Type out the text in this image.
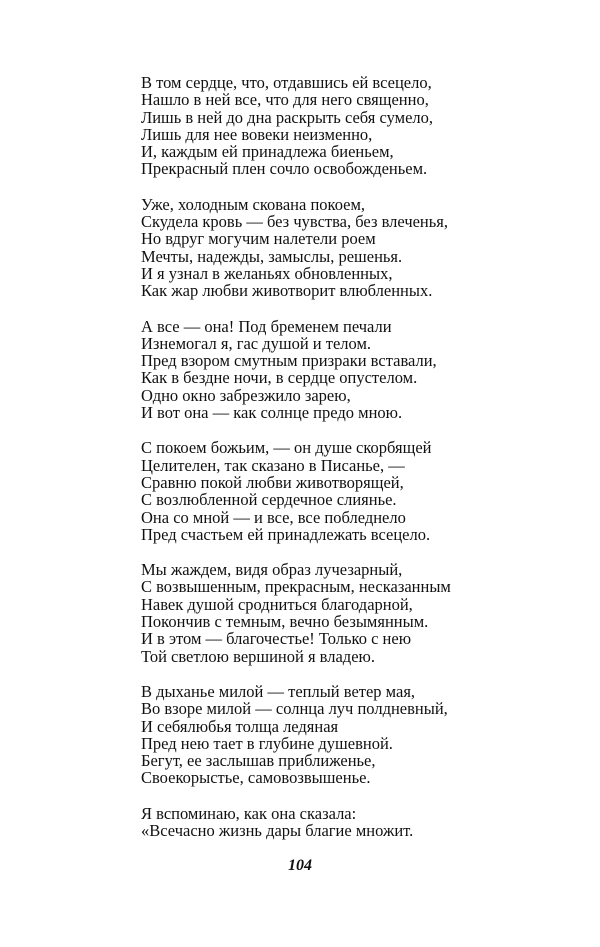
В том сердце, что, отдавшись ей всецело,
Нашло в ней все, что для него священно,
Лишь в ней до дна раскрыть себя сумело,
Лишь для нее вовеки неизменно,
И, каждым ей принадлежа биеньем,
Прекрасный плен сочло освобожденьем.
Уже, холодным скована покоем,
Скудела кровь — без чувства, без влеченья,
Но вдруг могучим налетели роем
Мечты, надежды, замыслы, решенья.
И я узнал в желаньях обновленных,
Как жар любви животворит влюбленных.
А все — она! Под бременем печали
Изнемогал я, гас душой и телом.
Пред взором смутным призраки вставали,
Как в бездне ночи, в сердце опустелом.
Одно окно забрезжило зарею,
И вот она — как солнце предо мною.
С покоем божьим, — он душе скорбящей
Целителен, так сказано в Писанье, —
Сравню покой любви животворящей,
С возлюбленной сердечное слиянье.
Она со мной — и все, все побледнело
Пред счастьем ей принадлежать всецело.
Мы жаждем, видя образ лучезарный,
С возвышенным, прекрасным, несказанным
Навек душой сродниться благодарной,
Покончив с темным, вечно безымянным.
И в этом — благочестье! Только с нею
Той светлою вершиной я владею.
В дыханье милой — теплый ветер мая,
Во взоре милой — солнца луч полдневный,
И себялюбья толща ледяная
Пред нею тает в глубине душевной.
Бегут, ее заслышав приближенье,
Своекорыстье, самовозвышенье.
Я вспоминаю, как она сказала:
«Всечасно жизнь дары благие множит.
104
